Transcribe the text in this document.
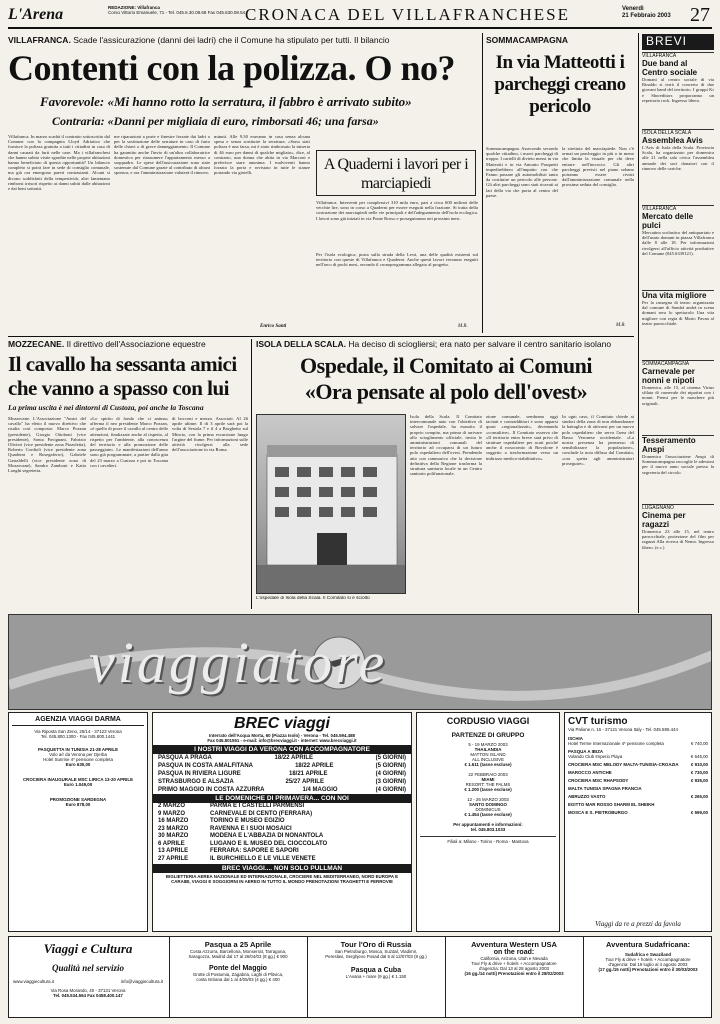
L'Arena	REDAZIONE: Villafranca
Corso Vittorio Emanuele, 71 - Tel. 045.6.30.08.68 Fax 045.630.08.54 CRONACA DEL VILLAFRANCHESE	Venerdì
21 Febbraio 2003 27
VILLAFRANCA. Scade l'assicurazione (danni dei ladri) che il Comune ha stipulato per tutti. Il bilancio
Contenti con la polizza. O no?
Favorevole: «Mi hanno rotto la serratura, il fabbro è arrivato subito»
Contraria: «Danni per migliaia di euro, rimborsati 46; una farsa»
Villafranca. In marzo scadrà il contratto sottoscritto dal Comune con la compagnia Lloyd Adriatico che fornisce la polizza gratuita a tutti i cittadini in caso di danni causati da furti nelle case. Ma i villafranchesi che hanno subito visite sgradite nelle proprie abitazioni hanno beneficiato di questa opportunità? Un bilancio completo si potrà fare in sede di consiglio comunale, ma già ora emergono pareri contrastanti. Alcuni si dicono soddisfatti della tempestività, altri lamentano rimborsi irrisori rispetto ai danni subiti dalle abitazioni e dai beni sottratti.
me riparazioni a porte e finestre forzate dai ladri o per la sostituzione delle serrature in caso di furto delle chiavi o di grave danneggiamento. Il Comune ha garantito anche l'invio di un'altra collaboratrice domestica per riassumere l'appartamento messo a soqquadro. Le spese dell'assicurazione sono state sostenute dal Comune grazie al contributo di alcuni sponsor, e ora l'amministrazione valuterà il rinnovo.
minuti. Alle 9,30 eravamo in casa senza alcuna spesa e senza sostituire la serratura. «Sono stati polizza è una farsa, mi è stato rimborsato la miseria di 46 euro per danni di qualche migliaio», dice, al contrario, una donna che abita in via Marconi e preferisce stare anonima. I malviventi hanno forzato la porta e rovistato in tutte le stanze portando via gioielli.
Enrico Santi
A Quaderni i lavori per i marciapiedi
Villafranca. Interventi per complessivi 310 mila euro, pari a circa 600 milioni delle vecchie lire, sono in corso a Quaderni per essere eseguiti nella frazione. Si tratta della costruzione dei marciapiedi nelle vie principali e dell'adeguamento dell'isola ecologica. I lavori sono già iniziati in via Ponte Rosso e proseguiranno nei prossimi mesi.
Per l'isola ecologica, posta sulla strada della Levà, una delle qualità esistenti sul territorio con queste di Villafranca e Quaderni. Anche questi lavori verranno eseguiti nell'arco di pochi mesi, secondo il cronoprogramma allegato al progetto.
M.R.
SOMMACAMPAGNA
In via Matteotti i parcheggi creano pericolo
Sommacampagna. Assecondo secondo qualche cittadino, i nuovi parcheggi di troppo. I cartelli di divieto messi in via Matteotti e in via Antonio Pasquetti impedirebbero all'impatto con che Fanno passare gli automobilisti tanto da costituire un pericolo alle persone. Gli altri parcheggi sono stati ricavati ai lati della via che porta al centro del paese.
la strettoia del marciapiede. Non c'è ormai un parcheggio in più o in meno che limita la visuale per chi deve entrare nell'incrocio. Gli altri parcheggi previsti nel piano urbano potranno essere rivisti dall'amministrazione comunale nella prossima seduta del consiglio.
M.R.
BREVI
VILLAFRANCA
Due band al Centro sociale
Domani al centro sociale di via Rinaldo si terrà il concerto di due giovani band del territorio. I gruppi Kr e Shoreditors proporranno un repertorio rock. Ingresso libero.
ISOLA DELLA SCALA
Assemblea Avis
L'Avis di Isola della Scala. Provincia Scala, ha organizzato per domenica alle 21 nella sala civica l'assemblea annuale dei soci donatori con il rinnovo delle cariche.
VILLAFRANCA
Mercato delle pulci
Mercatino scolastico del antiquariato e dell'usato domani in piazza Villafranca dalle 8 alle 18. Per informazioni rivolgersi all'ufficio attività produttive del Comune (045.6339121).
Una vita migliore
Per la rassegna di teatro organizzata dal comune di Sandrà andrà in scena domani sera lo spettacolo Una vita migliore con regia di Mario Pavan al teatro parrocchiale.
SOMMACAMPAGNA
Carnevale per nonni e nipoti
Domenica, alle 15, al cinema Virtus sfilata di carnevale dei nipotini con i nonni. Premi per le maschere più originali.
Tesseramento Anspi
Domenica l'associazione Anspi di Sommacampagna raccoglie le adesioni per il nuovo anno sociale presso la segreteria del circolo.
LUGAGNANO
Cinema per ragazzi
Domenica 23 alle 15, nel teatro parrocchiale, proiezione del film per ragazzi Alla ricerca di Nemo. Ingresso libero. (e.c.)
MOZZECANE. Il direttivo dell'Associazione equestre
Il cavallo ha sessanta amici che vanno a spasso con lui
La prima uscita è nei dintorni di Custoza, poi anche la Toscana
Mozzecane. L'Associazione "Amici del cavallo" ha eletto il nuovo direttivo che risulta così composto: Marco Pozzan (presidente), Giorgio Ottoboni (vice presidente), Sonia Pavignani, Fabrizio Olivieri (vice presidente zona Pizzoletta), Roberto Cordioli (vice presidente zona Quaderni e Rosegaferro), Gabriele Gastaldelli (vice presidente zona di Mozzecane), Sandra Zamboni e Katia Longhi segreteria.
«Lo spirito di fondo che ci anima» afferma il neo presidente Marco Pozzan, «è quello di porre il cavallo al centro delle attenzioni, finalizzate anche al rispetto, al rispetto per l'ambiente, alla conoscenza del territorio e alla promozione delle passeggiate». Le manifestazioni dell'anno sono già programmate, a partire dalla gita del 23 marzo a Custoza e poi in Toscana con i cavalieri.
di bocconi e mezzo. Associati. Al 26 aprile ultime. Il di 3 aprile sarà poi la volta di Sestola 7 e il 4 a Borghetto sul Mincio, con la prima escursione lungo l'argine del fiume. Per informazioni sulle attività rivolgersi alla sede dell'associazione in via Roma.
ISOLA DELLA SCALA. Ha deciso di sciogliersi; era nato per salvare il centro sanitario isolano
Ospedale, il Comitato ai Comuni
«Ora pensate al polo dell'ovest»
L'ospedale di Isola della Scala. Il Comitato si è sciolto
Isola della Scala. Il Comitato intercomunale nato con l'obiettivo di salvare l'ospedale, ha esaurito il proprio compito, ma prima di arrivare allo scioglimento ufficiale, invita le amministrazioni comunali del territorio ad occuparsi di un futuro polo ospedaliero dell'ovest. Prendendo atto con rammarico che la decisione definitiva della Regione trasforma la struttura sanitaria locale in un Centro sanitario polifunzionale.
zione comunale, sembrano oggi tacitati e contraddittori e sono apparsi quasi «regionalizzati», diventando «consultive». Il Comitato osserva che «Il territorio entro breve sarà privo di strutture ospedaliere per acuti poiché anche il nosocomio di Bovolone è soggetto a trasformazione verso un indirizzo medico-riabilitativo».
In ogni caso, il Comitato chiede ai sindaci della zona di non abbandonare la battaglia e di attivarsi per un nuovo polo ospedaliero che serva l'area del Basso Veronese occidentale. «La nostra presenza ha permesso di sensibilizzare la popolazione», conclude la nota diffusa dal Comitato, «ora spetta agli amministratori proseguire».
viaggiatore
AGENZIA VIAGGI DARMA
Via Riposta San Zeno, 25/14 - 37123 Verona
Tel. 045.800.1300 - Fax 045.800.1441
PASQUETTA IN TUNISIA 21-28 APRILE
Volo a/r da Verona per Djerba
Hotel Sunrise 4* pensione completa
Euro 630,00
CROCIERA INAUGURALE MSC LIRICA 13-20 APRILE
Euro 1.049,00
PROMOZIONE SARDEGNA
Euro 878,00
BREC viaggi
Interrato dell'Acqua Morta, 60 (Piazza Isolo) - Verona - Tel. 045.594.488
Fax 045.801551 - e-mail: info@brecviaggi.it - internet: www.brecviaggi.it
I NOSTRI VIAGGI DA VERONA CON ACCOMPAGNATORE
PASQUA A PRAGA	18/22 APRILE	(5 GIORNI)
PASQUA IN COSTA AMALFITANA	18/22 APRILE	(5 GIORNI)
PASQUA IN RIVIERA LIGURE	18/21 APRILE	(4 GIORNI)
STRASBURGO E ALSAZIA	25/27 APRILE	(3 GIORNI)
PRIMO MAGGIO IN COSTA AZZURRA	1/4 MAGGIO	(4 GIORNI)
LE DOMENICHE DI PRIMAVERA... CON NOI
2 MARZO	PARMA E I CASTELLI PARMENSI
9 MARZO	CARNEVALE DI CENTO (FERRARA)
16 MARZO	TORINO E MUSEO EGIZIO
23 MARZO	RAVENNA E I SUOI MOSAICI
30 MARZO	MODENA E L'ABBAZIA DI NONANTOLA
6 APRILE	LUGANO E IL MUSEO DEL CIOCCOLATO
13 APRILE	FERRARA: SAPORE E SAPORI
27 APRILE	IL BURCHIELLO E LE VILLE VENETE
BREC VIAGGI.... NON SOLO PULLMAN
BIGLIETTERIA AEREA NAZIONALE ED INTERNAZIONALE, CROCIERE NEL MEDITERRANEO, NORD EUROPA E CARAIBI, VIAGGI E SOGGIORNI IN AEREO IN TUTTO IL MONDO PRENOTAZIONI TRAGHETTI E FERROVIE
CORDUSIO VIAGGI
PARTENZE DI GRUPPO
5 - 19 MARZO 2003
THAILANDIA
MATTON ISLAND
ALL INCLUSIVE
€ 1.611 (tasse escluse)
22 FEBBRAIO 2003
MIAMI
RESORT: THE PALMS
€ 1.200 (tasse escluse)
12 - 26 MARZO 2003
SANTO DOMINGO
DOMINICUS
€ 1.454 (tasse escluse)
Per appuntamenti e informazioni:
tel. 045.803.1033
Filiali a: Milano - Torino - Roma - Mantova
CVT turismo
Via Palione n. 16 - 37121 Verona Italy - Tel. 045.595.444
ISCHIA
Hotel Terme Internazionale 4* pensione completa	€ 740,00
PASQUA A IBIZA
Volando Club Imperio Playa	€ 645,00
CROCIERA MSC MELODY MALTA-TUNISIA-CROAZIA	€ 910,00
MAROCCO ANTICHE	€ 730,00
CROCIERA MSC RHAPSODY	€ 935,00
MALTA TUNISIA SPAGNA FRANCIA
ABRUZZO VASTO	€ 265,00
EGITTO MAR ROSSO SHARM EL SHEIKH
MOSCA E S. PIETROBURGO	€ 599,00
Viaggi da re a prezzi da favola
Viaggi e Cultura
Qualità nel servizio
www.viaggiecultura.it	info@viaggiecultura.it
Via Rosa Morando, 40 - 37131 Verona
Tel. 045.534.564 Fax 0458.400.147
Pasqua a 25 Aprile
Costa Azzurra, Barcellona, Monserrat, Tarragona,
Saragozza, Madrid dal 17 al 26/04/03 (8 gg.) € 900
Ponte del Maggio
Grotte di Postumia, Zagabria, Laghi di Plitvica,
costa Istriana dal 1 al 4/05/03 (4 gg.) € 400
Tour l'Oro di Russia
San Pietroburgo, Mosca, Suzdal, Vladimir,
Pereslavi, Serghjevo Posad dal 5 al 12/07/03 (8 gg.)
Pasqua a Cuba
L'Avana + mare (9 gg.) € 1.150
Avventura Western USA
on the road:
California, Arizona, Utah e Nevada
Tour Fly & drive + hotels + Accompagnatore
d'agenzia: Dal 13 al 28 agosto 2003
(16 gg./14 notti) Prenotazioni entro il 28/02/2003
Avventura Sudafricana:
Sudafrica e Swaziland
Tour Fly & drive + hotels + Accompagnatore
d'agenzia: Dal 19 luglio al 4 agosto 2003
(17 gg./15 notti) Prenotazioni entro il 30/03/2003
